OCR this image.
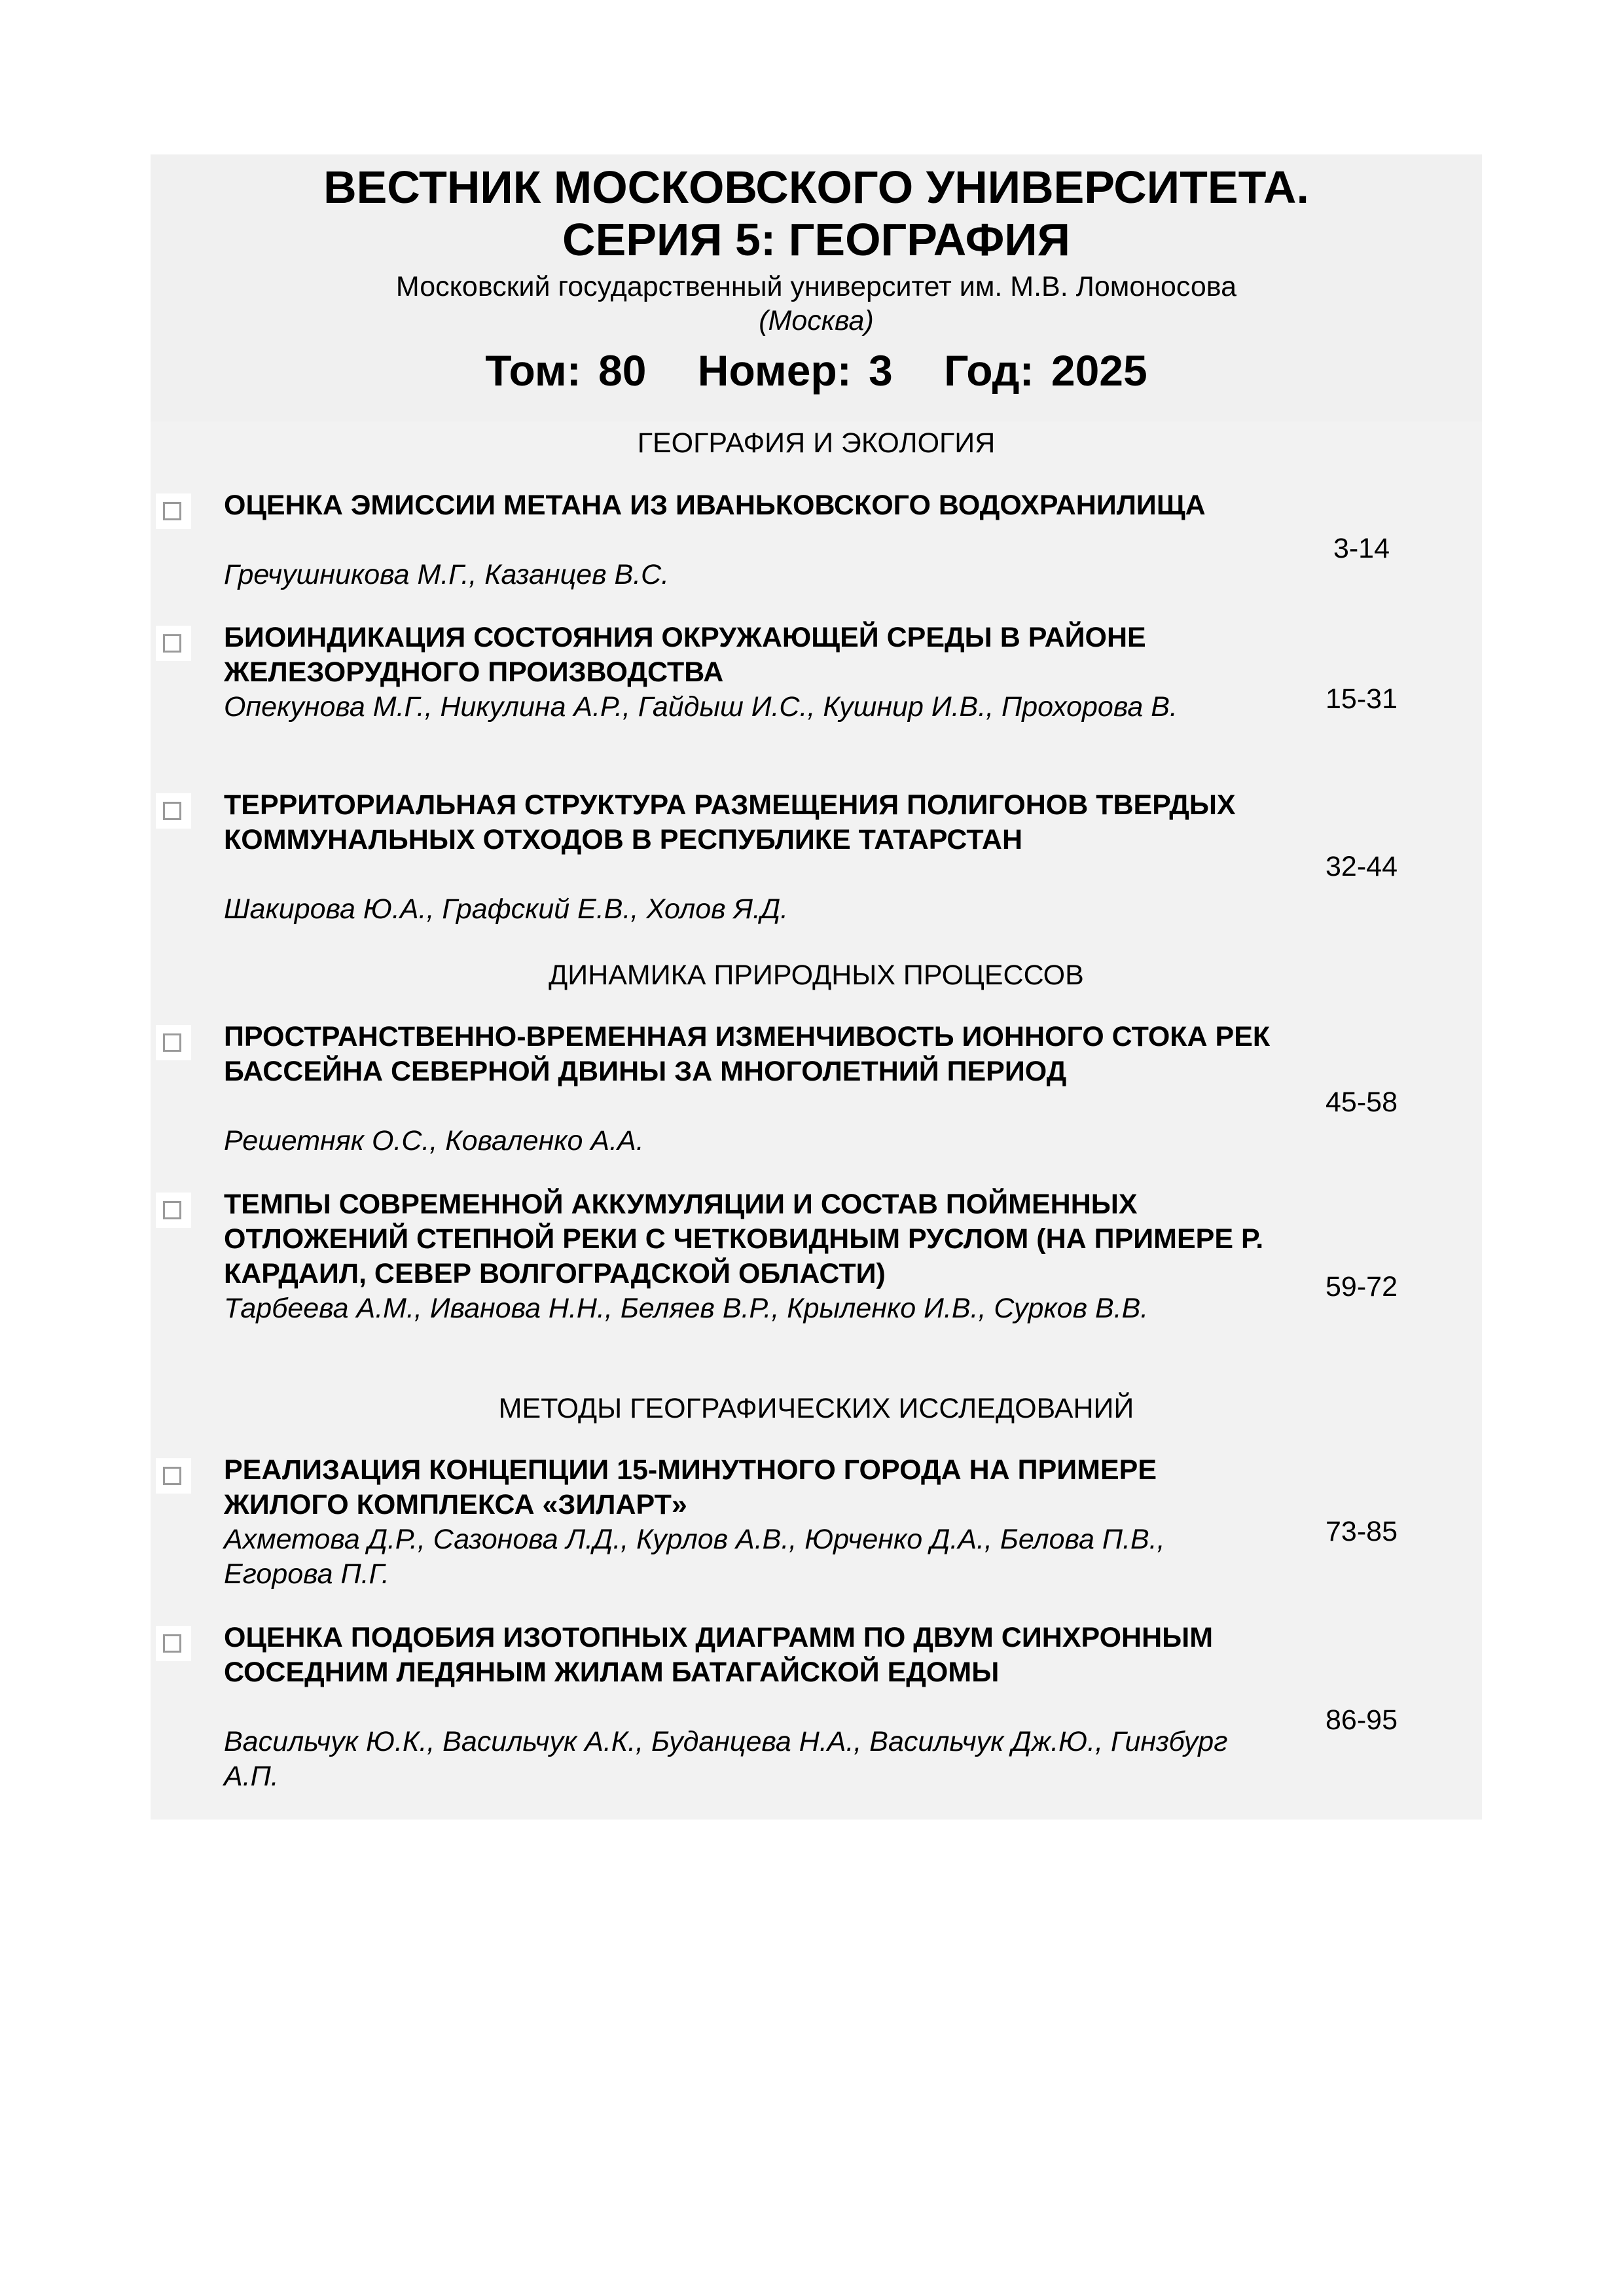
ВЕСТНИК МОСКОВСКОГО УНИВЕРСИТЕТА.
СЕРИЯ 5: ГЕОГРАФИЯ
Московский государственный университет им. М.В. Ломоносова
(Москва)
Том: 80 Номер: 3 Год: 2025
ГЕОГРАФИЯ И ЭКОЛОГИЯ
ОЦЕНКА ЭМИССИИ МЕТАНА ИЗ ИВАНЬКОВСКОГО ВОДОХРАНИЛИЩА
Гречушникова М.Г., Казанцев В.С.
3-14
БИОИНДИКАЦИЯ СОСТОЯНИЯ ОКРУЖАЮЩЕЙ СРЕДЫ В РАЙОНЕ ЖЕЛЕЗОРУДНОГО ПРОИЗВОДСТВА
Опекунова М.Г., Никулина А.Р., Гайдыш И.С., Кушнир И.В., Прохорова В.	15-31
ТЕРРИТОРИАЛЬНАЯ СТРУКТУРА РАЗМЕЩЕНИЯ ПОЛИГОНОВ ТВЕРДЫХ КОММУНАЛЬНЫХ ОТХОДОВ В РЕСПУБЛИКЕ ТАТАРСТАН
Шакирова Ю.А., Графский Е.В., Холов Я.Д.
32-44
ДИНАМИКА ПРИРОДНЫХ ПРОЦЕССОВ
ПРОСТРАНСТВЕННО-ВРЕМЕННАЯ ИЗМЕНЧИВОСТЬ ИОННОГО СТОКА РЕК БАССЕЙНА СЕВЕРНОЙ ДВИНЫ ЗА МНОГОЛЕТНИЙ ПЕРИОД
Решетняк О.С., Коваленко А.А.
45-58
ТЕМПЫ СОВРЕМЕННОЙ АККУМУЛЯЦИИ И СОСТАВ ПОЙМЕННЫХ ОТЛОЖЕНИЙ СТЕПНОЙ РЕКИ С ЧЕТКОВИДНЫМ РУСЛОМ (НА ПРИМЕРЕ Р. КАРДАИЛ, СЕВЕР ВОЛГОГРАДСКОЙ ОБЛАСТИ)
Тарбеева А.М., Иванова Н.Н., Беляев В.Р., Крыленко И.В., Сурков В.В.
59-72
МЕТОДЫ ГЕОГРАФИЧЕСКИХ ИССЛЕДОВАНИЙ
РЕАЛИЗАЦИЯ КОНЦЕПЦИИ 15-МИНУТНОГО ГОРОДА НА ПРИМЕРЕ ЖИЛОГО КОМПЛЕКСА «ЗИЛАРТ»
Ахметова Д.Р., Сазонова Л.Д., Курлов А.В., Юрченко Д.А., Белова П.В., Егорова П.Г.
73-85
ОЦЕНКА ПОДОБИЯ ИЗОТОПНЫХ ДИАГРАММ ПО ДВУМ СИНХРОННЫМ СОСЕДНИМ ЛЕДЯНЫМ ЖИЛАМ БАТАГАЙСКОЙ ЕДОМЫ
Васильчук Ю.К., Васильчук А.К., Буданцева Н.А., Васильчук Дж.Ю., Гинзбург А.П.
86-95
